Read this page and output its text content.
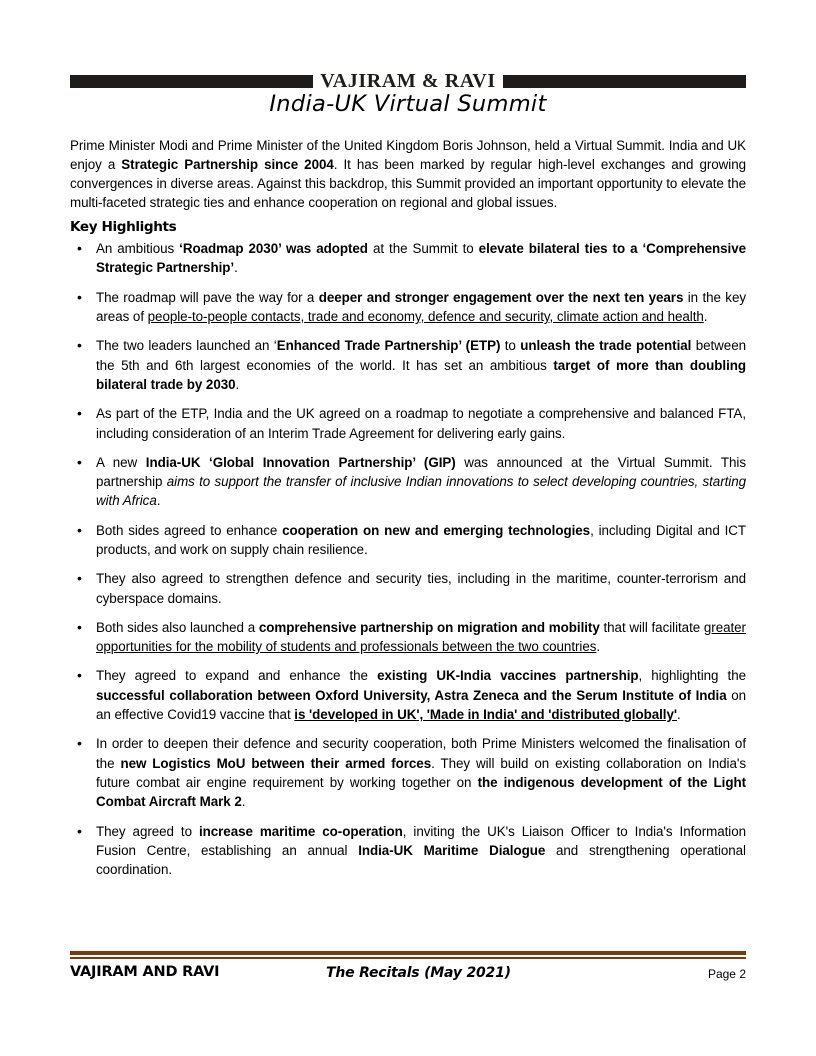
VAJIRAM & RAVI
India-UK Virtual Summit

Prime Minister Modi and Prime Minister of the United Kingdom Boris Johnson, held a Virtual Summit. India and UK enjoy a Strategic Partnership since 2004. It has been marked by regular high-level exchanges and growing convergences in diverse areas. Against this backdrop, this Summit provided an important opportunity to elevate the multi-faceted strategic ties and enhance cooperation on regional and global issues.

Key Highlights
• An ambitious ‘Roadmap 2030’ was adopted at the Summit to elevate bilateral ties to a ‘Comprehensive Strategic Partnership’.
• The roadmap will pave the way for a deeper and stronger engagement over the next ten years in the key areas of people-to-people contacts, trade and economy, defence and security, climate action and health.
• The two leaders launched an ‘Enhanced Trade Partnership’ (ETP) to unleash the trade potential between the 5th and 6th largest economies of the world. It has set an ambitious target of more than doubling bilateral trade by 2030.
• As part of the ETP, India and the UK agreed on a roadmap to negotiate a comprehensive and balanced FTA, including consideration of an Interim Trade Agreement for delivering early gains.
• A new India-UK ‘Global Innovation Partnership’ (GIP) was announced at the Virtual Summit. This partnership aims to support the transfer of inclusive Indian innovations to select developing countries, starting with Africa.
• Both sides agreed to enhance cooperation on new and emerging technologies, including Digital and ICT products, and work on supply chain resilience.
• They also agreed to strengthen defence and security ties, including in the maritime, counter-terrorism and cyberspace domains.
• Both sides also launched a comprehensive partnership on migration and mobility that will facilitate greater opportunities for the mobility of students and professionals between the two countries.
• They agreed to expand and enhance the existing UK-India vaccines partnership, highlighting the successful collaboration between Oxford University, Astra Zeneca and the Serum Institute of India on an effective Covid19 vaccine that is 'developed in UK', 'Made in India' and 'distributed globally'.
• In order to deepen their defence and security cooperation, both Prime Ministers welcomed the finalisation of the new Logistics MoU between their armed forces. They will build on existing collaboration on India's future combat air engine requirement by working together on the indigenous development of the Light Combat Aircraft Mark 2.
• They agreed to increase maritime co-operation, inviting the UK's Liaison Officer to India's Information Fusion Centre, establishing an annual India-UK Maritime Dialogue and strengthening operational coordination.
VAJIRAM AND RAVI	The Recitals (May 2021)	Page 2
